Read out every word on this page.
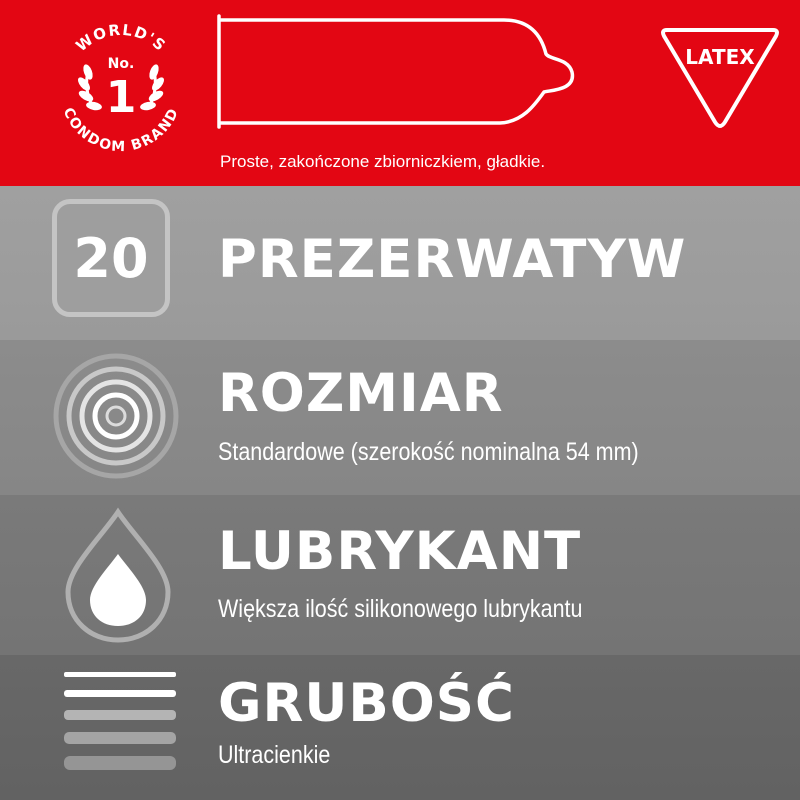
WORLD'S
CONDOM BRAND
No.
1
LATEX
Proste, zakończone zbiorniczkiem, gładkie.
20 PREZERWATYW
ROZMIAR
Standardowe (szerokość nominalna 54 mm)
LUBRYKANT
Większa ilość silikonowego lubrykantu
GRUBOŚĆ
Ultracienkie
